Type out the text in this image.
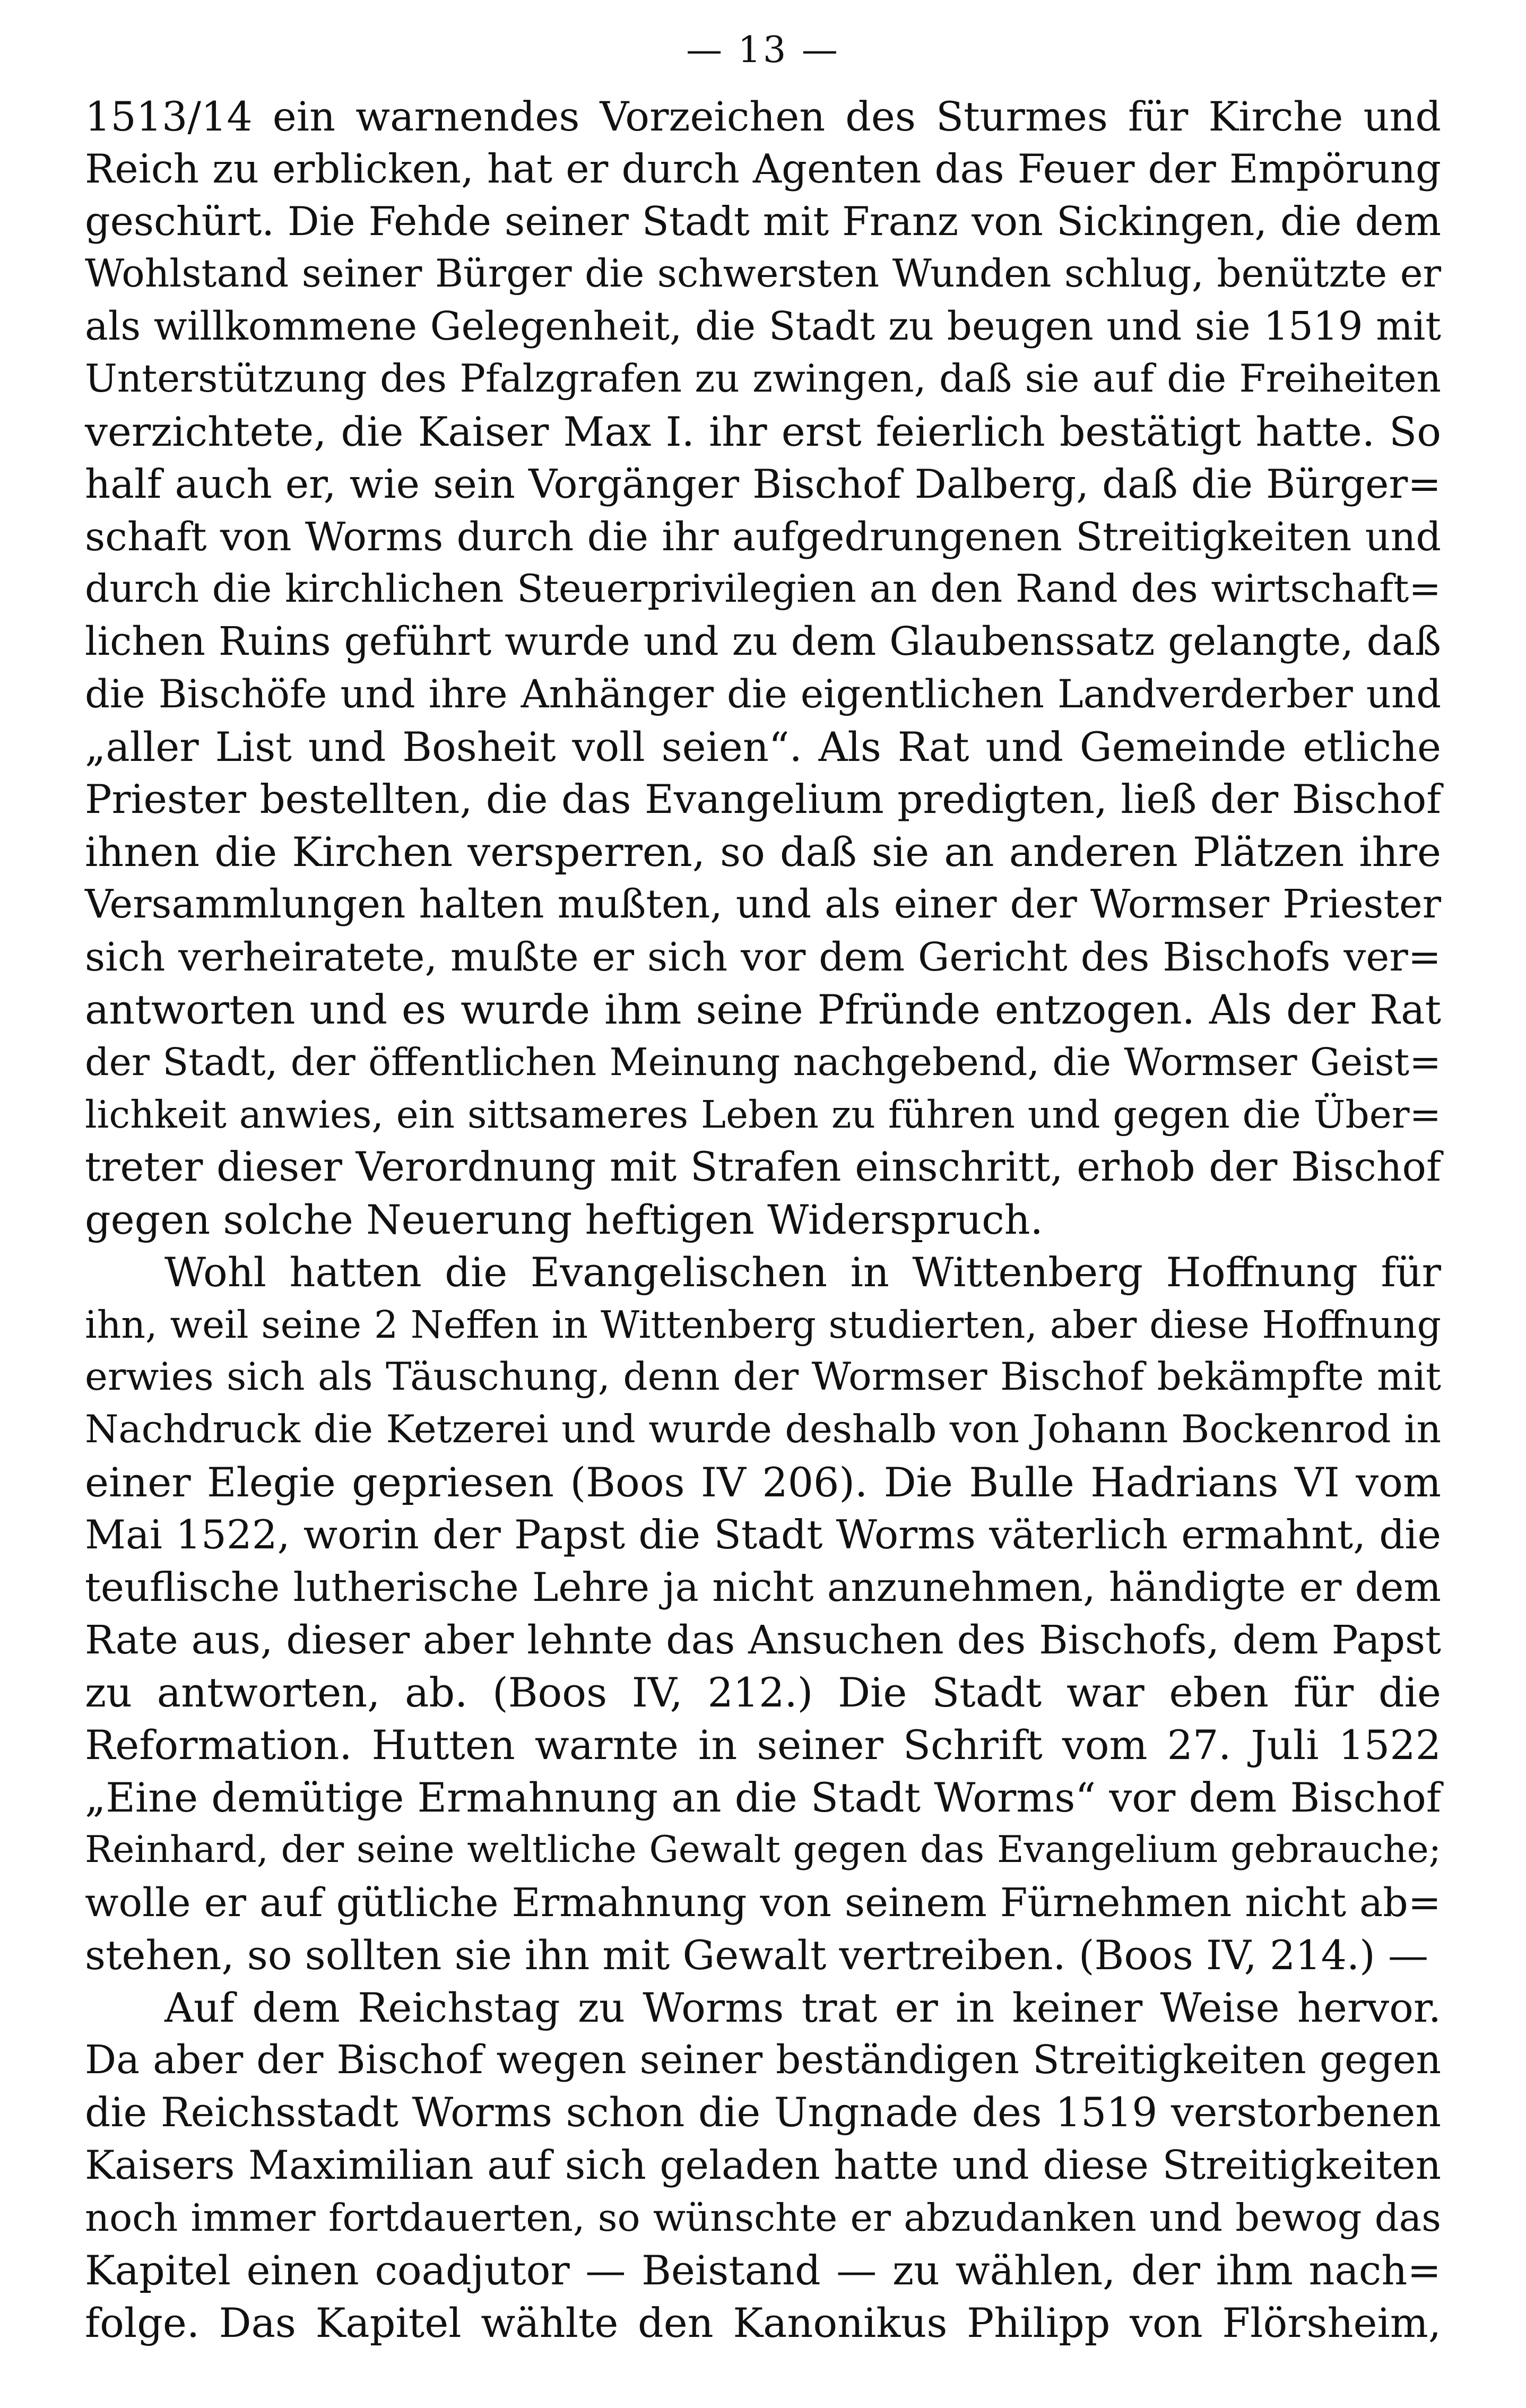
— 13 —
1513/14 ein warnendes Vorzeichen des Sturmes für Kirche und
Reich zu erblicken, hat er durch Agenten das Feuer der Empörung
geschürt. Die Fehde seiner Stadt mit Franz von Sickingen, die dem
Wohlstand seiner Bürger die schwersten Wunden schlug, benützte er
als willkommene Gelegenheit, die Stadt zu beugen und sie 1519 mit
Unterstützung des Pfalzgrafen zu zwingen, daß sie auf die Freiheiten
verzichtete, die Kaiser Max I. ihr erst feierlich bestätigt hatte. So
half auch er, wie sein Vorgänger Bischof Dalberg, daß die Bürger=
schaft von Worms durch die ihr aufgedrungenen Streitigkeiten und
durch die kirchlichen Steuerprivilegien an den Rand des wirtschaft=
lichen Ruins geführt wurde und zu dem Glaubenssatz gelangte, daß
die Bischöfe und ihre Anhänger die eigentlichen Landverderber und
„aller List und Bosheit voll seien“. Als Rat und Gemeinde etliche
Priester bestellten, die das Evangelium predigten, ließ der Bischof
ihnen die Kirchen versperren, so daß sie an anderen Plätzen ihre
Versammlungen halten mußten, und als einer der Wormser Priester
sich verheiratete, mußte er sich vor dem Gericht des Bischofs ver=
antworten und es wurde ihm seine Pfründe entzogen. Als der Rat
der Stadt, der öffentlichen Meinung nachgebend, die Wormser Geist=
lichkeit anwies, ein sittsameres Leben zu führen und gegen die Über=
treter dieser Verordnung mit Strafen einschritt, erhob der Bischof
gegen solche Neuerung heftigen Widerspruch.
Wohl hatten die Evangelischen in Wittenberg Hoffnung für
ihn, weil seine 2 Neffen in Wittenberg studierten, aber diese Hoffnung
erwies sich als Täuschung, denn der Wormser Bischof bekämpfte mit
Nachdruck die Ketzerei und wurde deshalb von Johann Bockenrod in
einer Elegie gepriesen (Boos IV 206). Die Bulle Hadrians VI vom
Mai 1522, worin der Papst die Stadt Worms väterlich ermahnt, die
teuflische lutherische Lehre ja nicht anzunehmen, händigte er dem
Rate aus, dieser aber lehnte das Ansuchen des Bischofs, dem Papst
zu antworten, ab. (Boos IV, 212.) Die Stadt war eben für die
Reformation. Hutten warnte in seiner Schrift vom 27. Juli 1522
„Eine demütige Ermahnung an die Stadt Worms“ vor dem Bischof
Reinhard, der seine weltliche Gewalt gegen das Evangelium gebrauche;
wolle er auf gütliche Ermahnung von seinem Fürnehmen nicht ab=
stehen, so sollten sie ihn mit Gewalt vertreiben. (Boos IV, 214.) —
Auf dem Reichstag zu Worms trat er in keiner Weise hervor.
Da aber der Bischof wegen seiner beständigen Streitigkeiten gegen
die Reichsstadt Worms schon die Ungnade des 1519 verstorbenen
Kaisers Maximilian auf sich geladen hatte und diese Streitigkeiten
noch immer fortdauerten, so wünschte er abzudanken und bewog das
Kapitel einen coadjutor — Beistand — zu wählen, der ihm nach=
folge. Das Kapitel wählte den Kanonikus Philipp von Flörsheim,
